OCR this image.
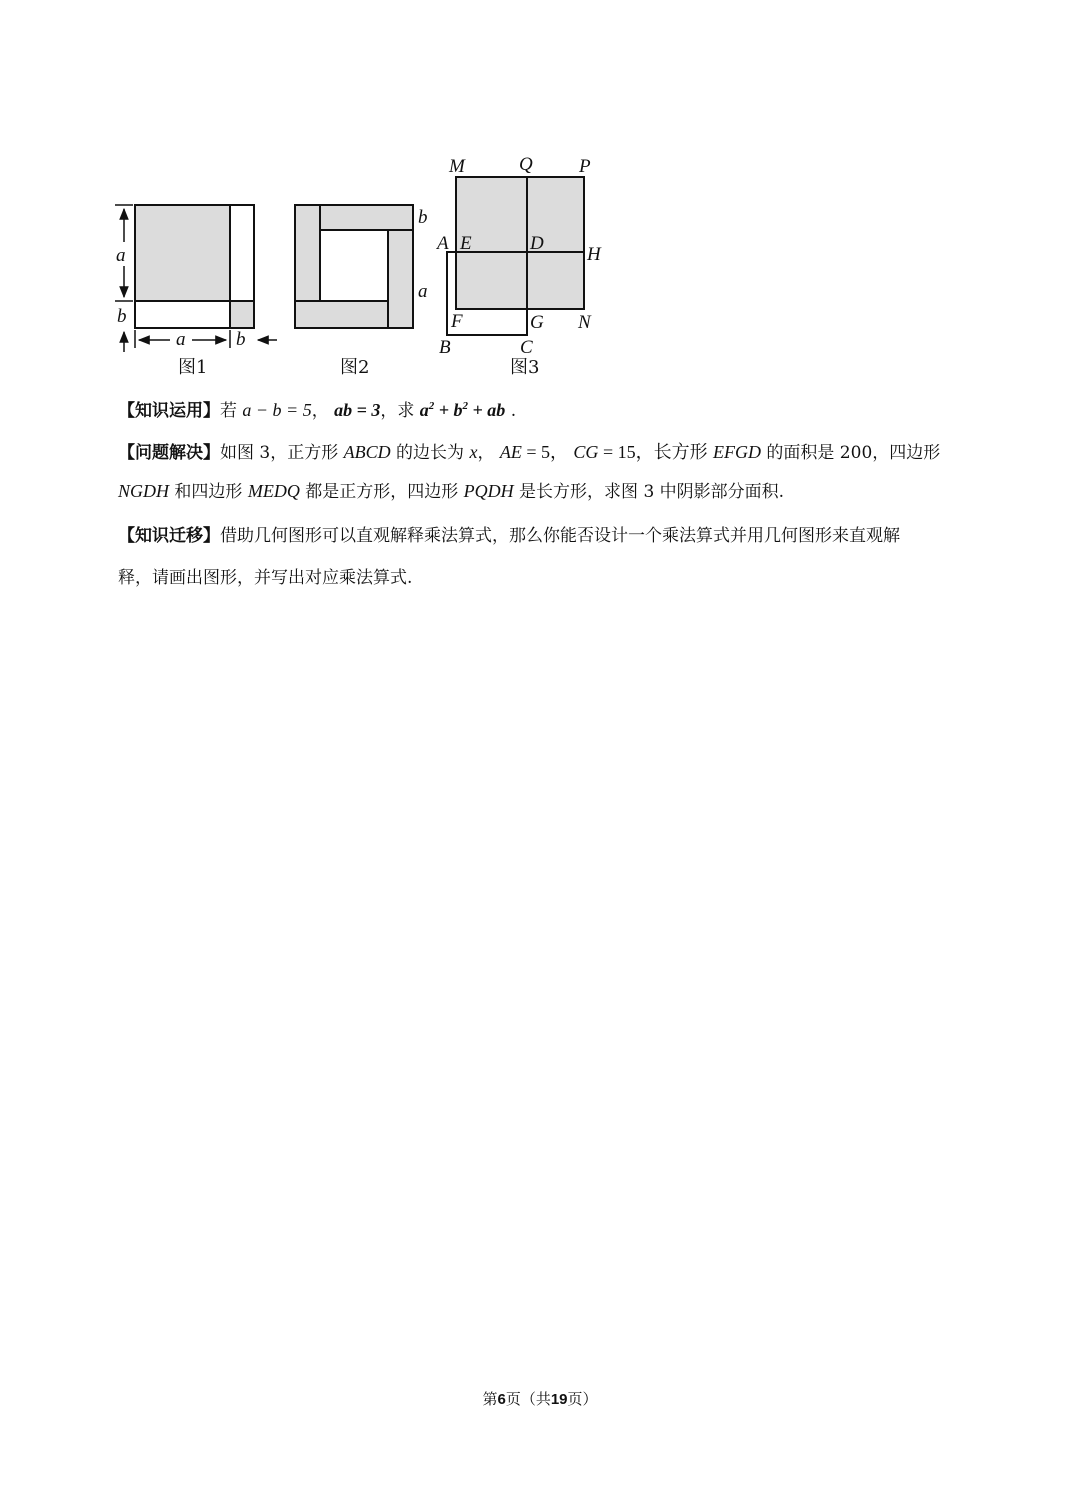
a
b
a	b
图1
b
a
图2
M	Q P
A E	D
H
F	G N
B	C
图3
【知识运用】若 a − b = 5， ab = 3，求 $a^2 + b^2$ + ab .
【问题解决】如图 3，正方形 ABCD 的边长为 x， AE = 5， CG = 15，长方形 EFGD 的面积是 200，四边形
NGDH 和四边形 MEDQ 都是正方形，四边形 PQDH 是长方形，求图 3 中阴影部分面积.
【知识迁移】借助几何图形可以直观解释乘法算式，那么你能否设计一个乘法算式并用几何图形来直观解
释，请画出图形，并写出对应乘法算式.
第6页（共19页）
